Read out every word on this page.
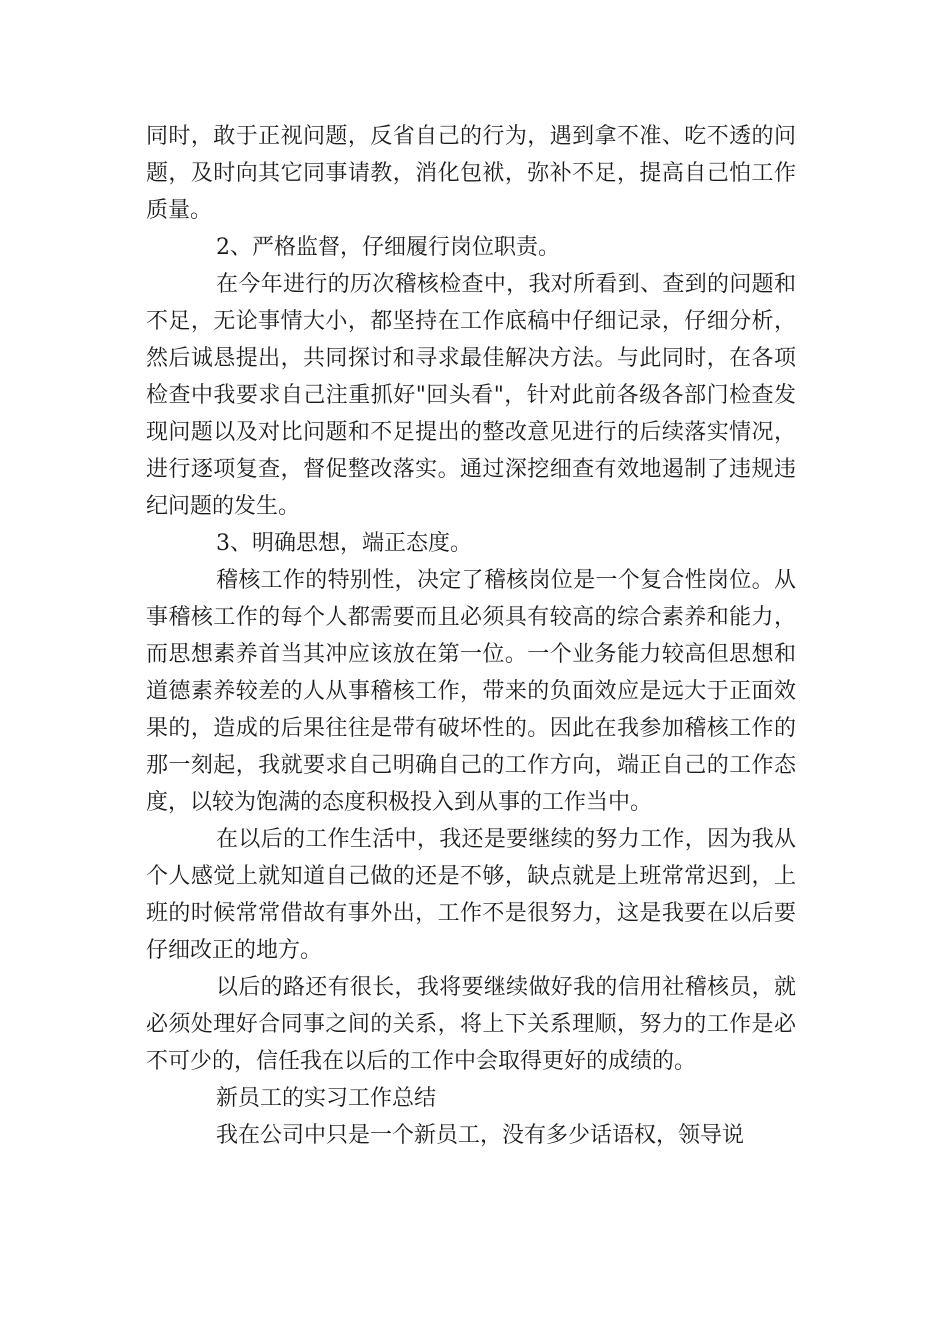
同时，敢于正视问题，反省自己的行为，遇到拿不准、吃不透的问题，及时向其它同事请教，消化包袱，弥补不足，提高自己怕工作质量。

2、严格监督，仔细履行岗位职责。

在今年进行的历次稽核检查中，我对所看到、查到的问题和不足，无论事情大小，都坚持在工作底稿中仔细记录，仔细分析，然后诚恳提出，共同探讨和寻求最佳解决方法。与此同时，在各项检查中我要求自己注重抓好"回头看"，针对此前各级各部门检查发现问题以及对比问题和不足提出的整改意见进行的后续落实情况，进行逐项复查，督促整改落实。通过深挖细查有效地遏制了违规违纪问题的发生。

3、明确思想，端正态度。

稽核工作的特别性，决定了稽核岗位是一个复合性岗位。从事稽核工作的每个人都需要而且必须具有较高的综合素养和能力，而思想素养首当其冲应该放在第一位。一个业务能力较高但思想和道德素养较差的人从事稽核工作，带来的负面效应是远大于正面效果的，造成的后果往往是带有破坏性的。因此在我参加稽核工作的那一刻起，我就要求自己明确自己的工作方向，端正自己的工作态度，以较为饱满的态度积极投入到从事的工作当中。

在以后的工作生活中，我还是要继续的努力工作，因为我从个人感觉上就知道自己做的还是不够，缺点就是上班常常迟到，上班的时候常常借故有事外出，工作不是很努力，这是我要在以后要仔细改正的地方。

以后的路还有很长，我将要继续做好我的信用社稽核员，就必须处理好合同事之间的关系，将上下关系理顺，努力的工作是必不可少的，信任我在以后的工作中会取得更好的成绩的。

新员工的实习工作总结

我在公司中只是一个新员工，没有多少话语权，领导说
